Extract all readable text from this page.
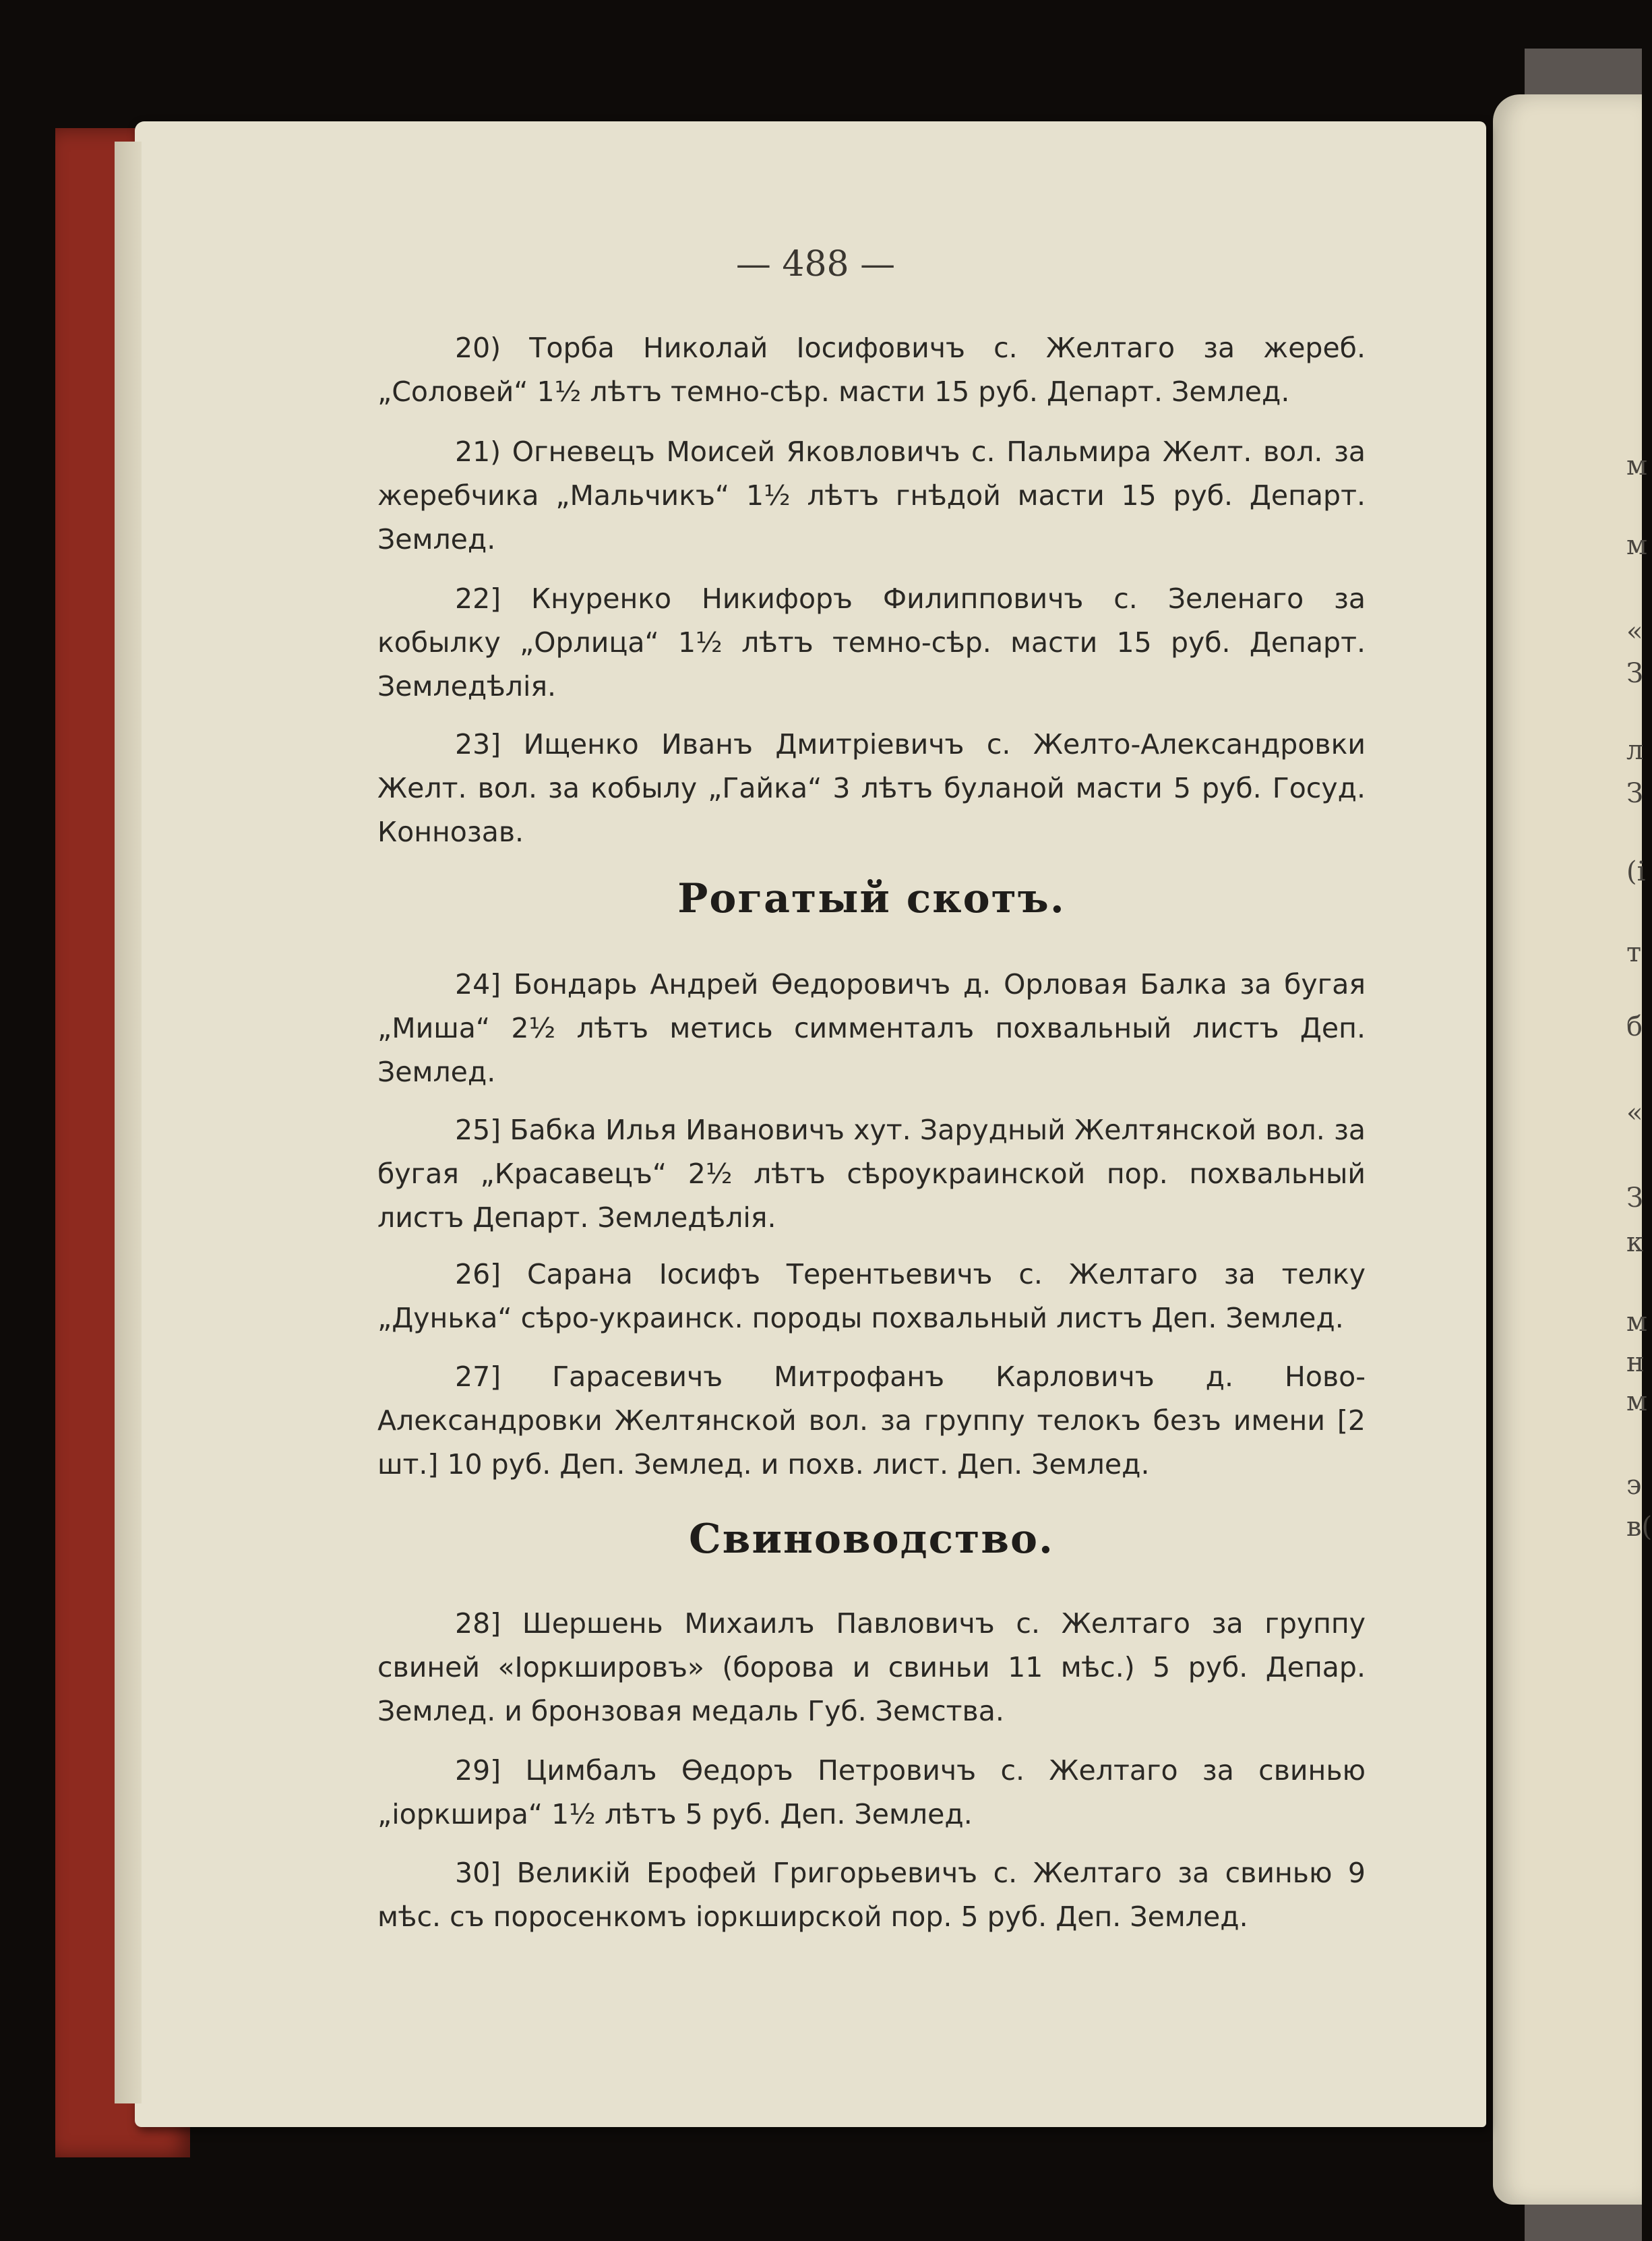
м
м
«
З
л
З
(і
т
б
«
З
к
м
н
м
э
в(
— 488 —

20) Торба Николай Іосифовичъ с. Желтаго за жереб. „Соловей“ 1½ лѣтъ темно-сѣр. масти 15 руб. Департ. Землед.

21) Огневецъ Моисей Яковловичъ с. Пальмира Желт. вол. за жеребчика „Мальчикъ“ 1½ лѣтъ гнѣдой масти 15 руб. Департ. Землед.

22] Кнуренко Никифоръ Филипповичъ с. Зеленаго за кобылку „Орлица“ 1½ лѣтъ темно-сѣр. масти 15 руб. Департ. Земледѣлія.

23] Ищенко Иванъ Дмитріевичъ с. Желто-Александровки Желт. вол. за кобылу „Гайка“ 3 лѣтъ буланой масти 5 руб. Госуд. Коннозав.

Рогатый скотъ.

24] Бондарь Андрей Өедоровичъ д. Орловая Балка за бугая „Миша“ 2½ лѣтъ метись симменталъ похвальный листъ Деп. Землед.

25] Бабка Илья Ивановичъ хут. Зарудный Желтянской вол. за бугая „Красавецъ“ 2½ лѣтъ сѣроукраинской пор. похвальный листъ Департ. Земледѣлія.

26] Сарана Іосифъ Терентьевичъ с. Желтаго за телку „Дунька“ сѣро-украинск. породы похвальный листъ Деп. Землед.

27] Гарасевичъ Митрофанъ Карловичъ д. Ново-Александровки Желтянской вол. за группу телокъ безъ имени [2 шт.] 10 руб. Деп. Землед. и похв. лист. Деп. Землед.

Свиноводство.

28] Шершень Михаилъ Павловичъ с. Желтаго за группу свиней «Іоркшировъ» (борова и свиньи 11 мѣс.) 5 руб. Депар. Землед. и бронзовая медаль Губ. Земства.

29] Цимбалъ Өедоръ Петровичъ с. Желтаго за свинью „іоркшира“ 1½ лѣтъ 5 руб. Деп. Землед.

30] Великій Ерофей Григорьевичъ с. Желтаго за свинью 9 мѣс. съ поросенкомъ іоркширской пор. 5 руб. Деп. Землед.
